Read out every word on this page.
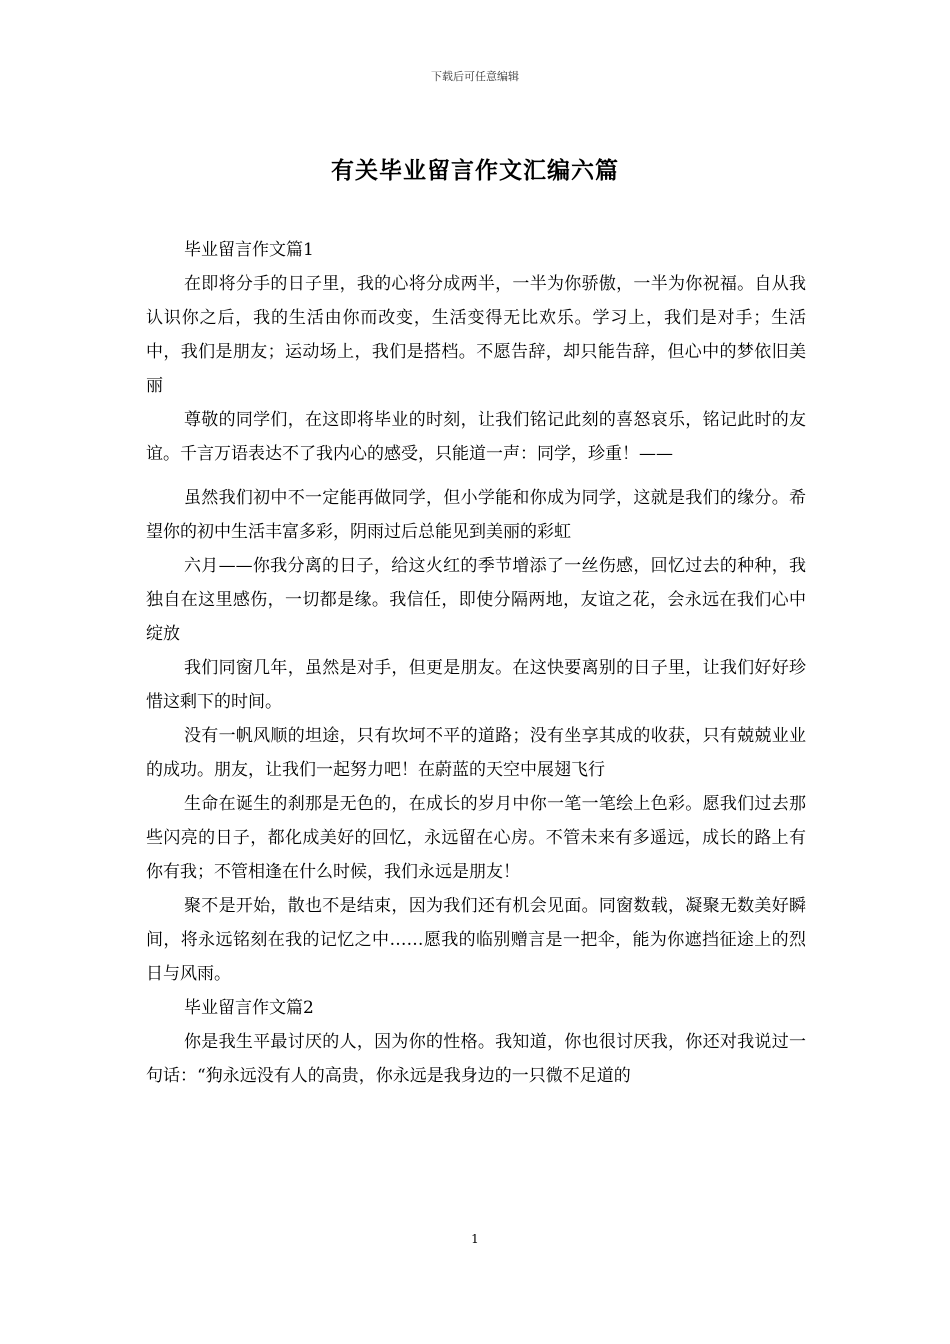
下载后可任意编辑
有关毕业留言作文汇编六篇

毕业留言作文篇1

在即将分手的日子里，我的心将分成两半，一半为你骄傲，一半为你祝福。自从我认识你之后，我的生活由你而改变，生活变得无比欢乐。学习上，我们是对手；生活中，我们是朋友；运动场上，我们是搭档。不愿告辞，却只能告辞，但心中的梦依旧美丽

尊敬的同学们，在这即将毕业的时刻，让我们铭记此刻的喜怒哀乐，铭记此时的友谊。千言万语表达不了我内心的感受，只能道一声：同学，珍重！——

虽然我们初中不一定能再做同学，但小学能和你成为同学，这就是我们的缘分。希望你的初中生活丰富多彩，阴雨过后总能见到美丽的彩虹

六月——你我分离的日子，给这火红的季节增添了一丝伤感，回忆过去的种种，我独自在这里感伤，一切都是缘。我信任，即使分隔两地，友谊之花，会永远在我们心中绽放

我们同窗几年，虽然是对手，但更是朋友。在这快要离别的日子里，让我们好好珍惜这剩下的时间。

没有一帆风顺的坦途，只有坎坷不平的道路；没有坐享其成的收获，只有兢兢业业的成功。朋友，让我们一起努力吧！在蔚蓝的天空中展翅飞行

生命在诞生的刹那是无色的，在成长的岁月中你一笔一笔绘上色彩。愿我们过去那些闪亮的日子，都化成美好的回忆，永远留在心房。不管未来有多遥远，成长的路上有你有我；不管相逢在什么时候，我们永远是朋友！

聚不是开始，散也不是结束，因为我们还有机会见面。同窗数载，凝聚无数美好瞬间，将永远铭刻在我的记忆之中……愿我的临别赠言是一把伞，能为你遮挡征途上的烈日与风雨。

毕业留言作文篇2

你是我生平最讨厌的人，因为你的性格。我知道，你也很讨厌我，你还对我说过一句话：“狗永远没有人的高贵，你永远是我身边的一只微不足道的

1
